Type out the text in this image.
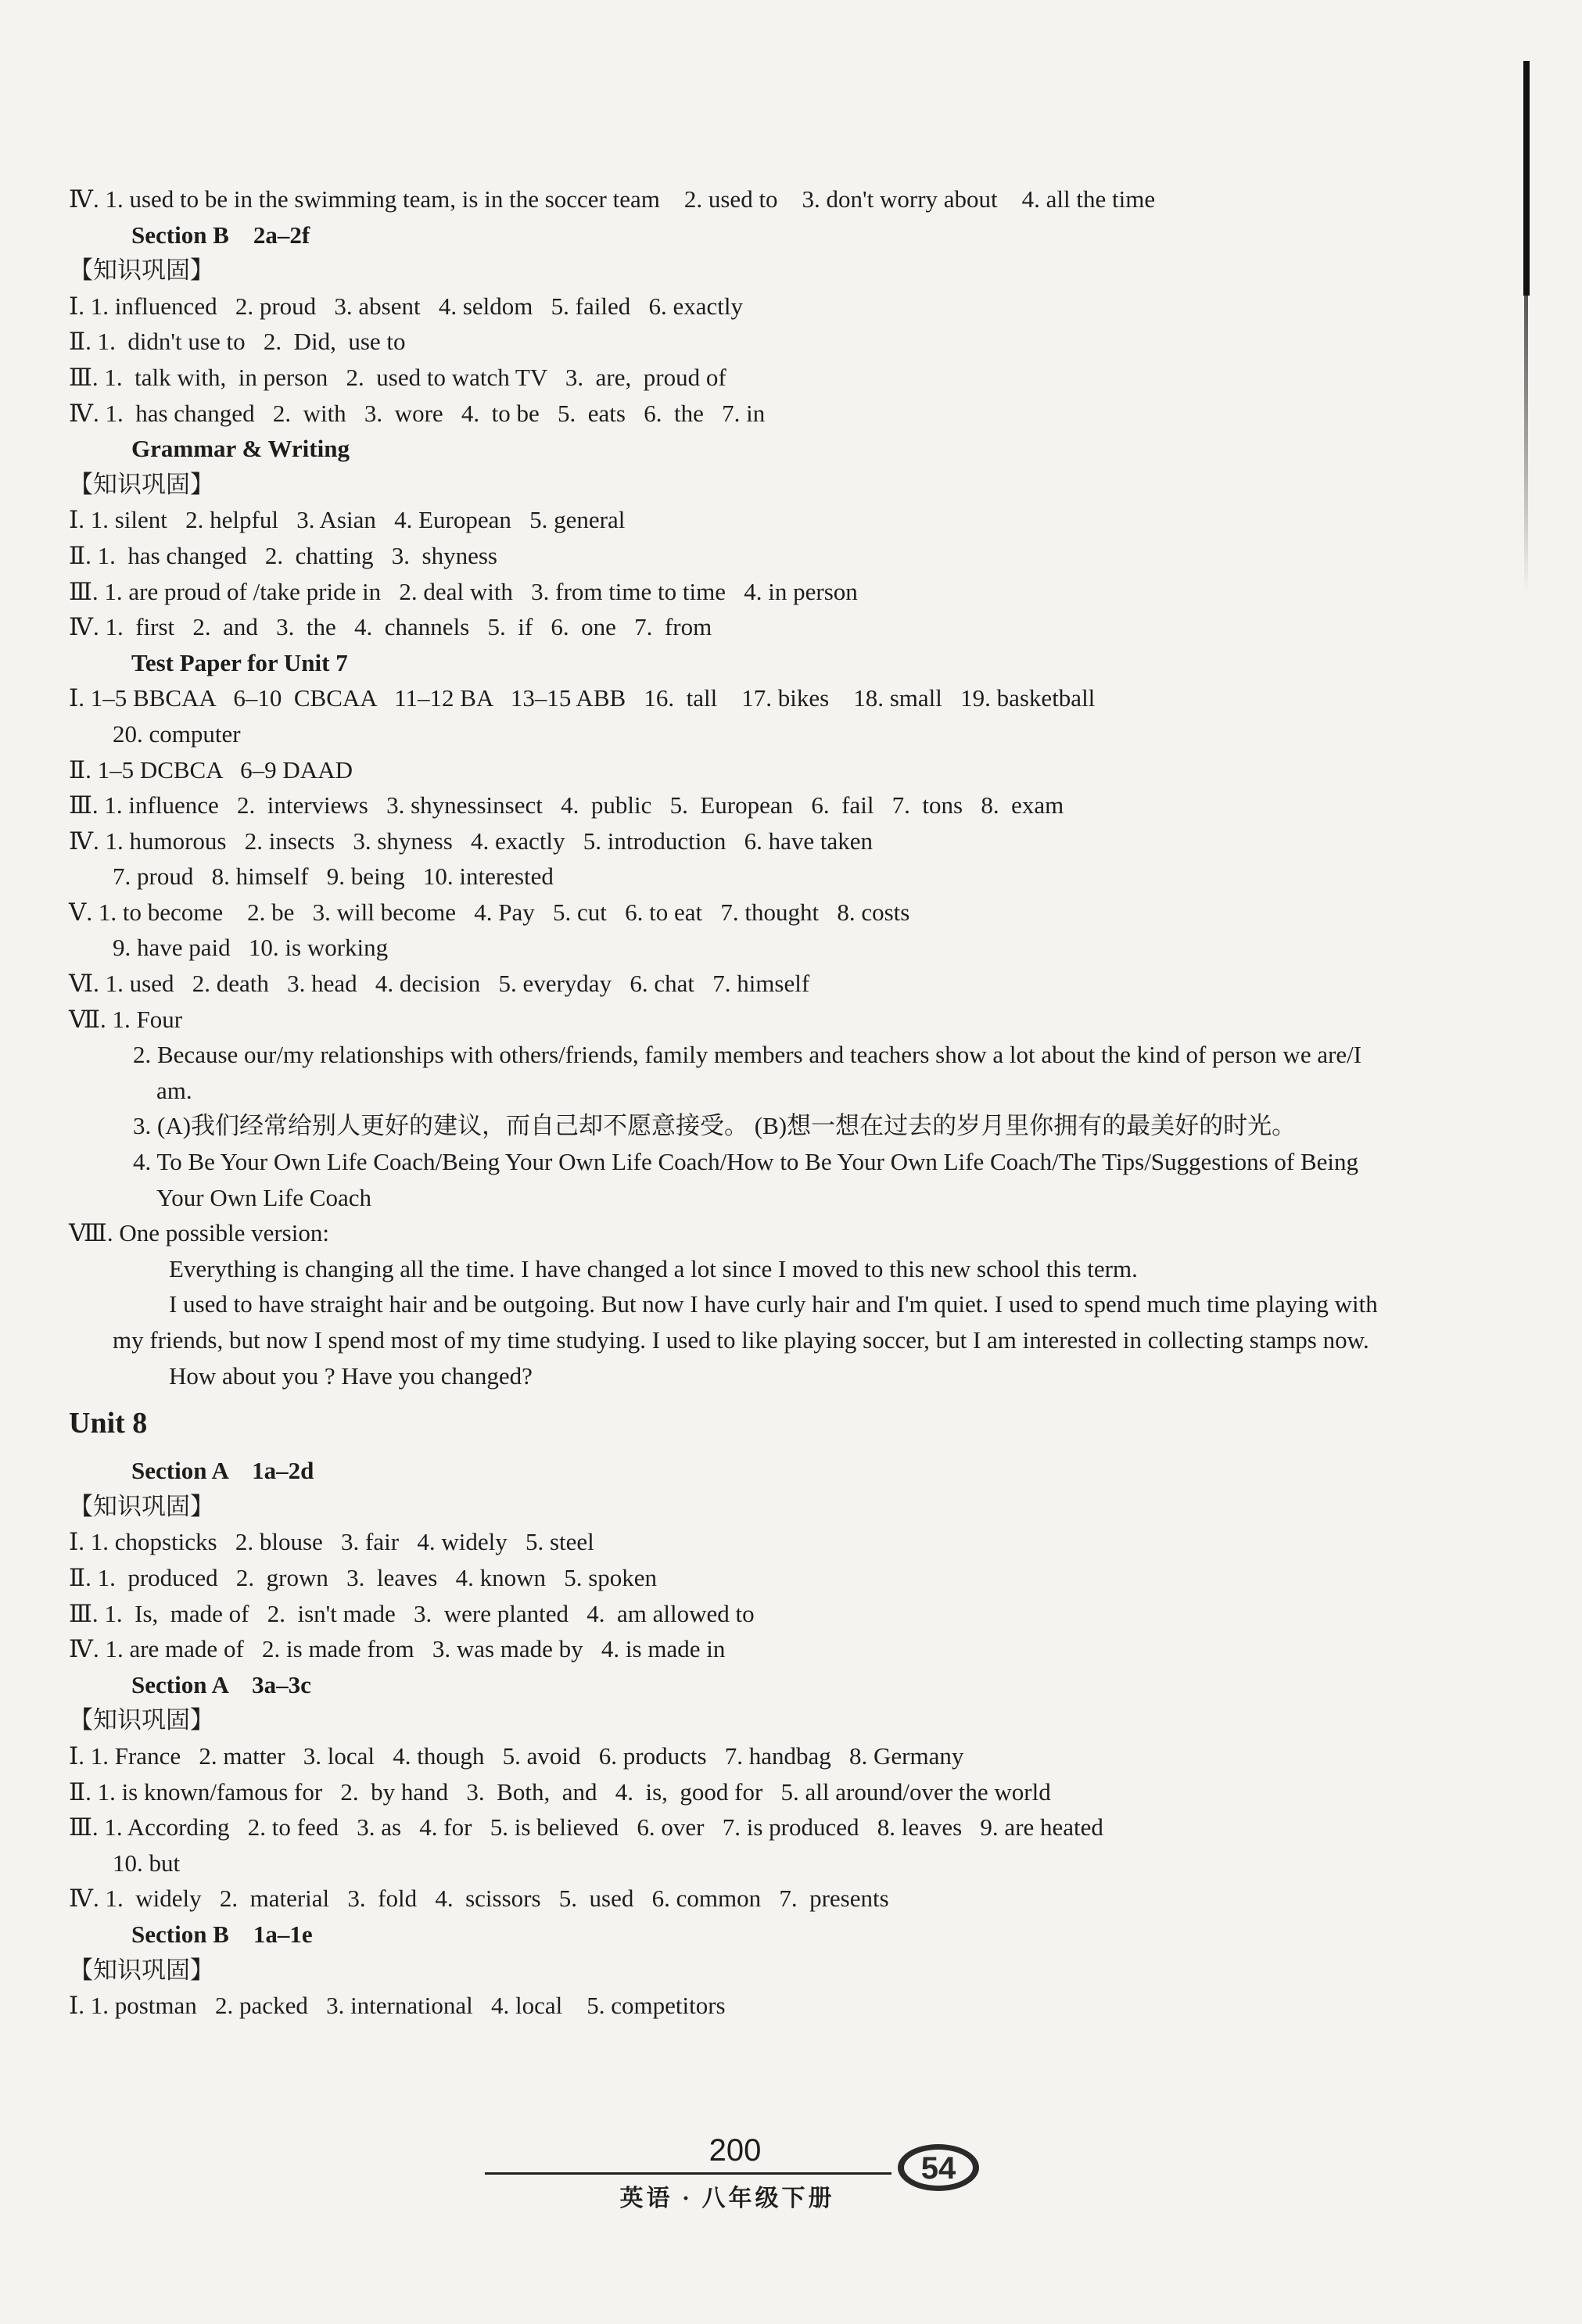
Ⅳ. 1. used to be in the swimming team, is in the soccer team    2. used to    3. don't worry about    4. all the time
Section B    2a–2f
【知识巩固】
Ⅰ. 1. influenced   2. proud   3. absent   4. seldom   5. failed   6. exactly
Ⅱ. 1.  didn't use to   2.  Did,  use to
Ⅲ. 1.  talk with,  in person   2.  used to watch TV   3.  are,  proud of
Ⅳ. 1.  has changed   2.  with   3.  wore   4.  to be   5.  eats   6.  the   7. in
Grammar & Writing
【知识巩固】
Ⅰ. 1. silent   2. helpful   3. Asian   4. European   5. general
Ⅱ. 1.  has changed   2.  chatting   3.  shyness
Ⅲ. 1. are proud of /take pride in   2. deal with   3. from time to time   4. in person
Ⅳ. 1.  first   2.  and   3.  the   4.  channels   5.  if   6.  one   7.  from
Test Paper for Unit 7
Ⅰ. 1–5 BBCAA   6–10  CBCAA   11–12 BA   13–15 ABB   16.  tall    17. bikes    18. small   19. basketball
20. computer
Ⅱ. 1–5 DCBCA   6–9 DAAD
Ⅲ. 1. influence   2.  interviews   3. shynessinsect   4.  public   5.  European   6.  fail   7.  tons   8.  exam
Ⅳ. 1. humorous   2. insects   3. shyness   4. exactly   5. introduction   6. have taken
7. proud   8. himself   9. being   10. interested
Ⅴ. 1. to become    2. be   3. will become   4. Pay   5. cut   6. to eat   7. thought   8. costs
9. have paid   10. is working
Ⅵ. 1. used   2. death   3. head   4. decision   5. everyday   6. chat   7. himself
Ⅶ. 1. Four
2. Because our/my relationships with others/friends, family members and teachers show a lot about the kind of person we are/I am.
3. (A)我们经常给别人更好的建议，而自己却不愿意接受。 (B)想一想在过去的岁月里你拥有的最美好的时光。
4. To Be Your Own Life Coach/Being Your Own Life Coach/How to Be Your Own Life Coach/The Tips/Suggestions of Being Your Own Life Coach
Ⅷ. One possible version:
Everything is changing all the time. I have changed a lot since I moved to this new school this term.
I used to have straight hair and be outgoing. But now I have curly hair and I'm quiet. I used to spend much time playing with my friends, but now I spend most of my time studying. I used to like playing soccer, but I am interested in collecting stamps now.
How about you ? Have you changed?
Unit 8
Section A    1a–2d
【知识巩固】
Ⅰ. 1. chopsticks   2. blouse   3. fair   4. widely   5. steel
Ⅱ. 1.  produced   2.  grown   3.  leaves   4. known   5. spoken
Ⅲ. 1.  Is,  made of   2.  isn't made   3.  were planted   4.  am allowed to
Ⅳ. 1. are made of   2. is made from   3. was made by   4. is made in
Section A    3a–3c
【知识巩固】
Ⅰ. 1. France   2. matter   3. local   4. though   5. avoid   6. products   7. handbag   8. Germany
Ⅱ. 1. is known/famous for   2.  by hand   3.  Both,  and   4.  is,  good for   5. all around/over the world
Ⅲ. 1. According   2. to feed   3. as   4. for   5. is believed   6. over   7. is produced   8. leaves   9. are heated
10. but
Ⅳ. 1.  widely   2.  material   3.  fold   4.  scissors   5.  used   6. common   7.  presents
Section B    1a–1e
【知识巩固】
Ⅰ. 1. postman   2. packed   3. international   4. local    5. competitors
200
英语 · 八年级下册
54
